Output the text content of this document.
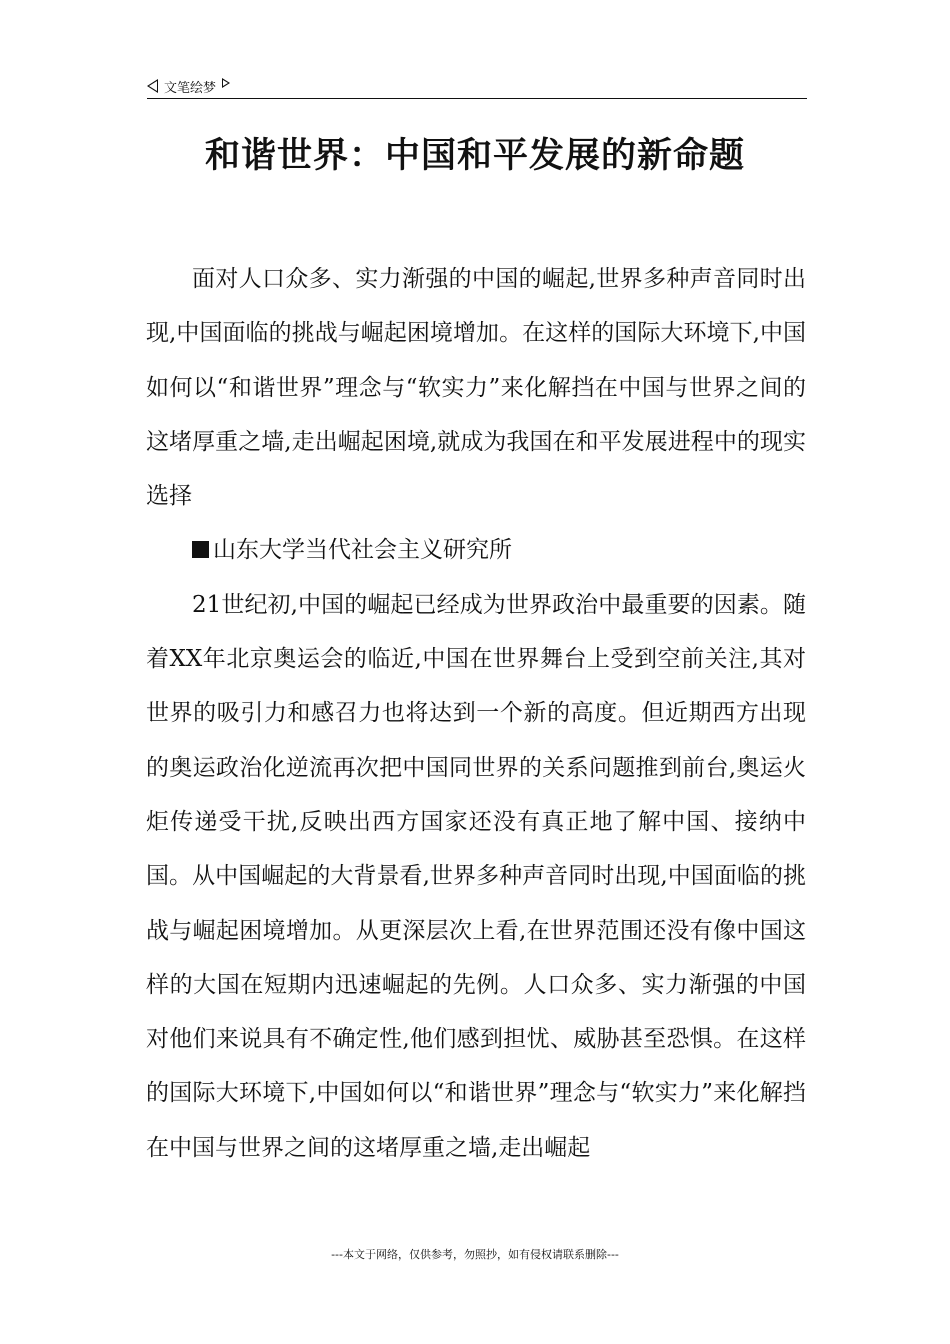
文笔绘梦
和谐世界：中国和平发展的新命题

面对人口众多、实力渐强的中国的崛起,世界多种声音同时出现,中国面临的挑战与崛起困境增加。在这样的国际大环境下,中国如何以“和谐世界”理念与“软实力”来化解挡在中国与世界之间的这堵厚重之墙,走出崛起困境,就成为我国在和平发展进程中的现实选择

山东大学当代社会主义研究所

21世纪初,中国的崛起已经成为世界政治中最重要的因素。随着XX年北京奥运会的临近,中国在世界舞台上受到空前关注,其对世界的吸引力和感召力也将达到一个新的高度。但近期西方出现的奥运政治化逆流再次把中国同世界的关系问题推到前台,奥运火炬传递受干扰,反映出西方国家还没有真正地了解中国、接纳中国。从中国崛起的大背景看,世界多种声音同时出现,中国面临的挑战与崛起困境增加。从更深层次上看,在世界范围还没有像中国这样的大国在短期内迅速崛起的先例。人口众多、实力渐强的中国对他们来说具有不确定性,他们感到担忧、威胁甚至恐惧。在这样的国际大环境下,中国如何以“和谐世界”理念与“软实力”来化解挡在中国与世界之间的这堵厚重之墙,走出崛起

---本文于网络，仅供参考，勿照抄，如有侵权请联系删除---
